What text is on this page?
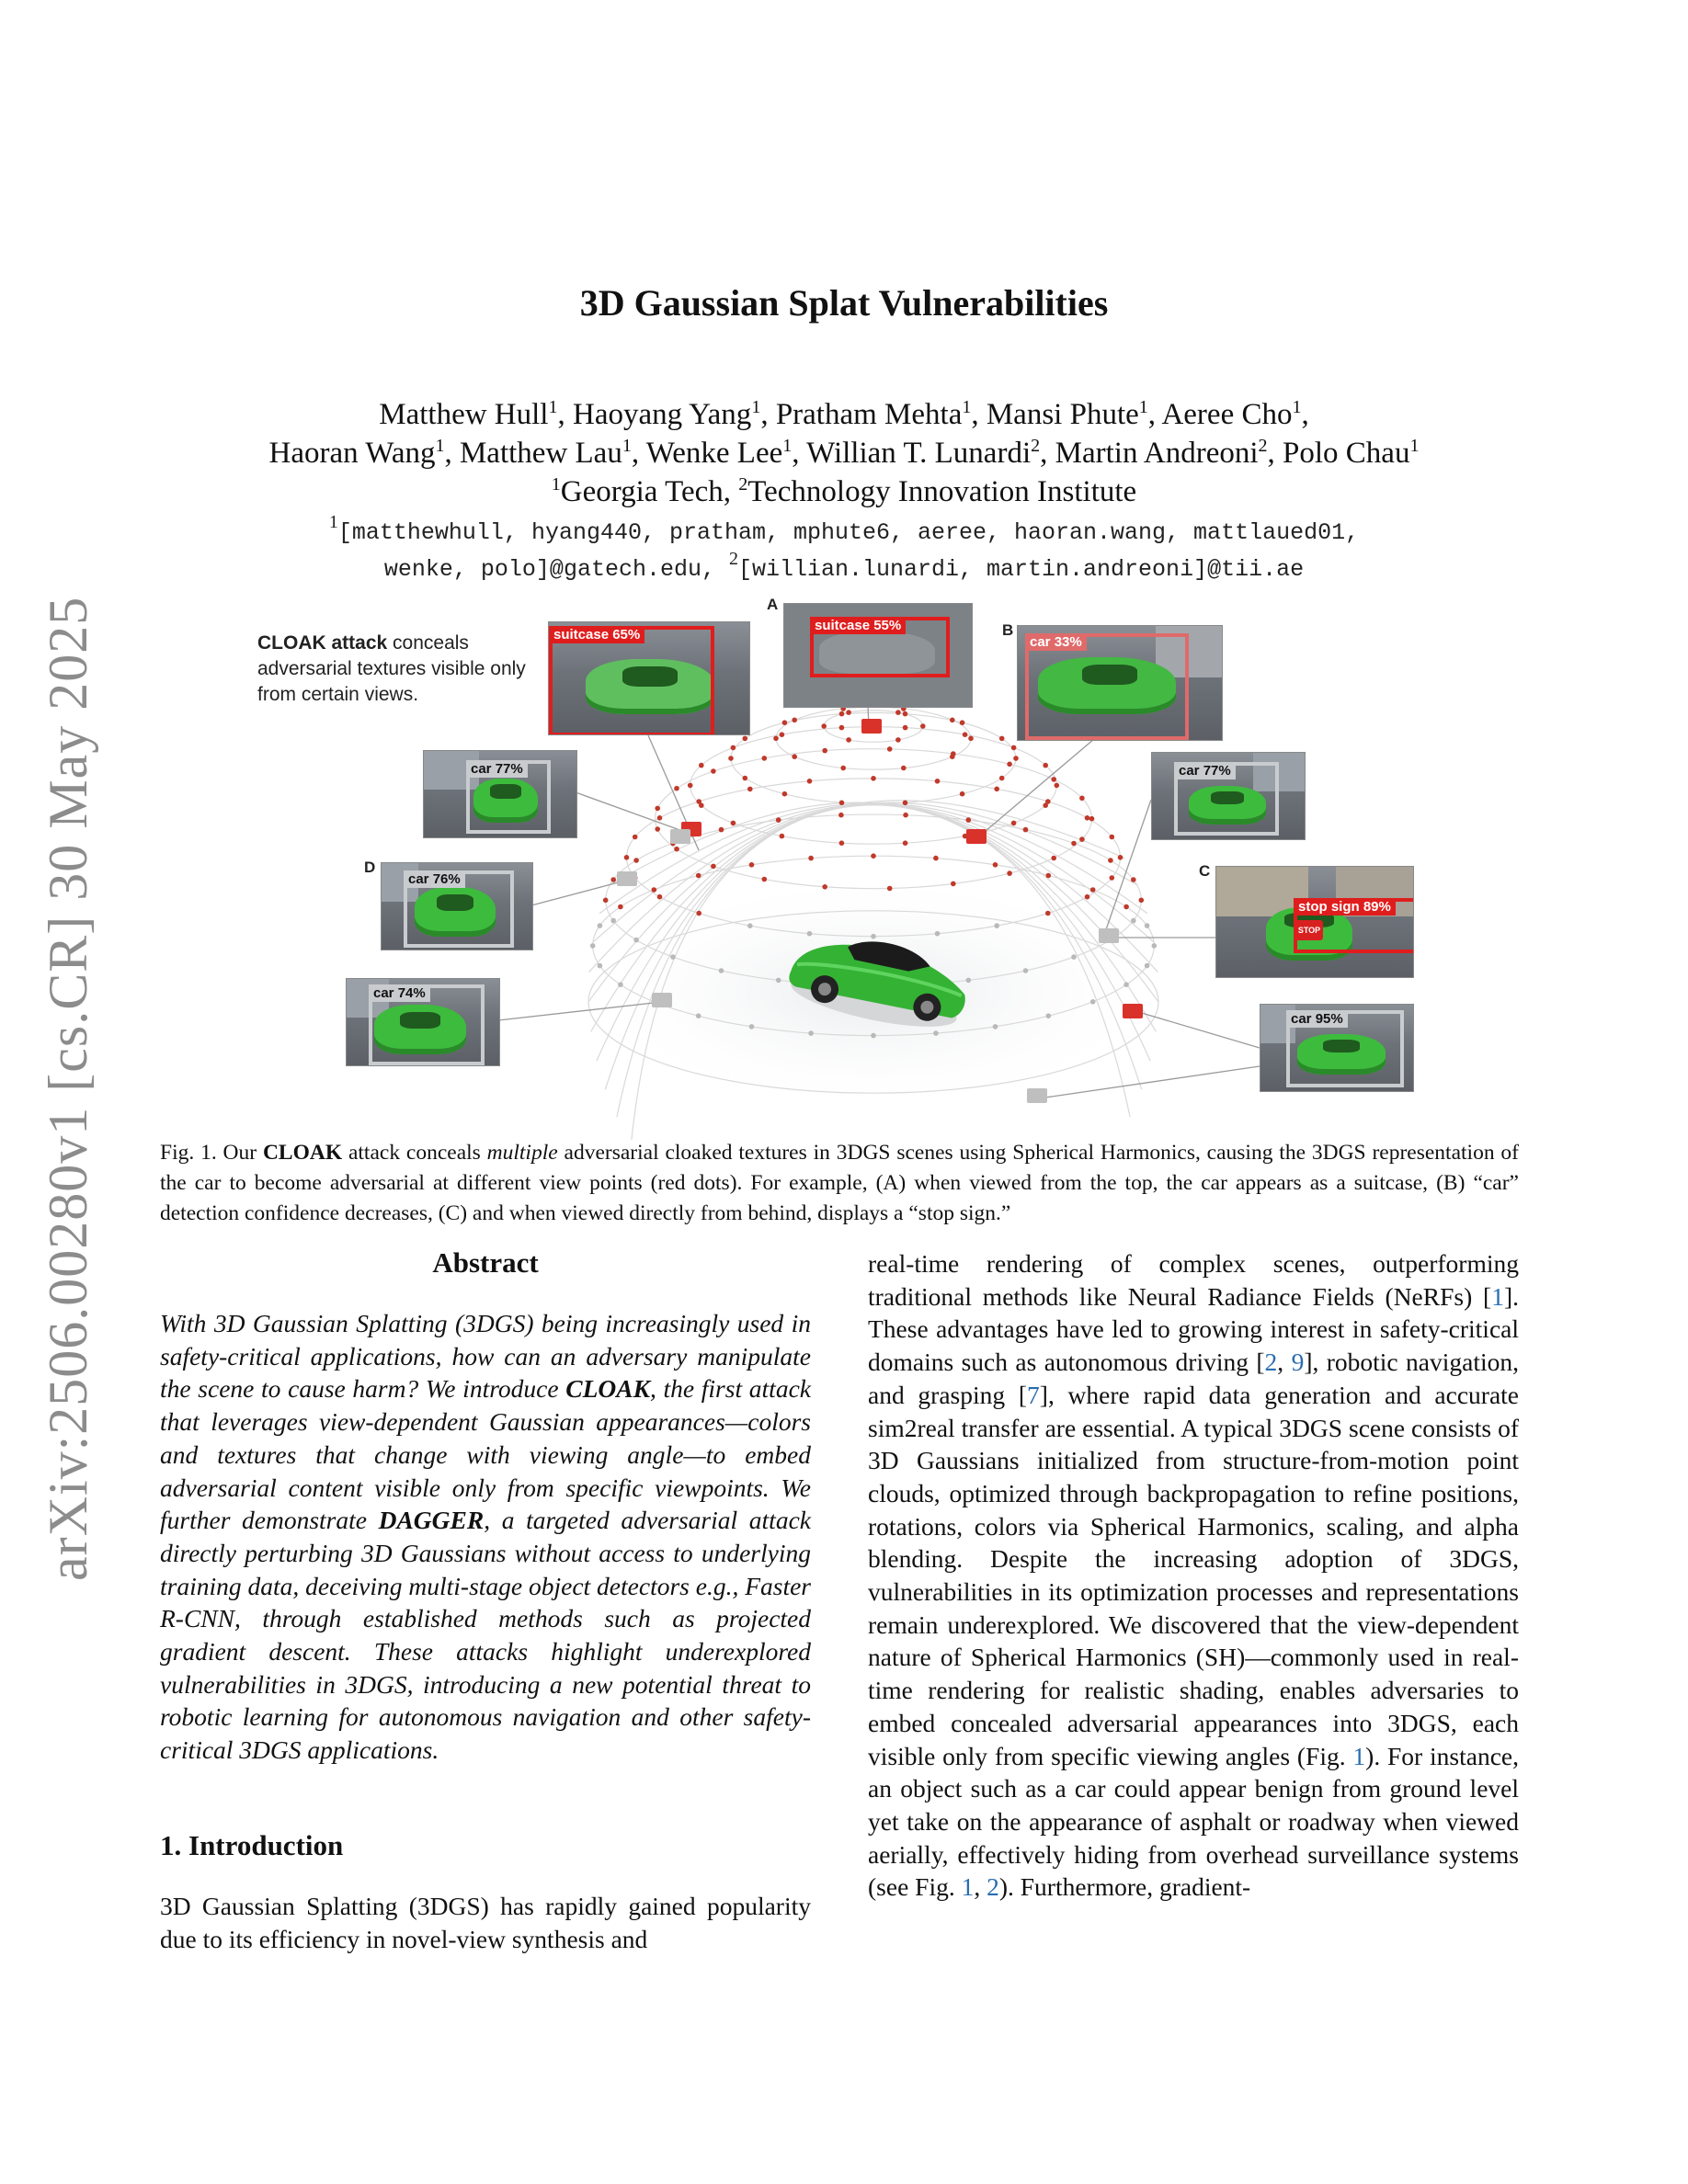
arXiv:2506.00280v1 [cs.CR] 30 May 2025
3D Gaussian Splat Vulnerabilities
Matthew Hull$^1$, Haoyang Yang$^1$, Pratham Mehta$^1$, Mansi Phute$^1$, Aeree Cho$^1$,
Haoran Wang$^1$, Matthew Lau$^1$, Wenke Lee$^1$, Willian T. Lunardi$^2$, Martin Andreoni$^2$, Polo Chau$^1$
$^1$Georgia Tech, $^2$Technology Innovation Institute
$^1$[matthewhull, hyang440, pratham, mphute6, aeree, haoran.wang, mattlaued01,
wenke, polo]@gatech.edu, $^2$[willian.lunardi, martin.andreoni]@tii.ae
CLOAK attack conceals adversarial textures visible only from certain views.
suitcase 65%
A
suitcase 55%	B
car 33%
car 77%
D
car 76%
car 74%
car 77%
C
STOP
stop sign 89%
car 95%
Fig. 1. Our CLOAK attack conceals multiple adversarial cloaked textures in 3DGS scenes using Spherical Harmonics, causing the 3DGS representation of the car to become adversarial at different view points (red dots). For example, (A) when viewed from the top, the car appears as a suitcase, (B) “car” detection confidence decreases, (C) and when viewed directly from behind, displays a “stop sign.”
Abstract
With 3D Gaussian Splatting (3DGS) being increasingly used in safety-critical applications, how can an adversary manipulate the scene to cause harm? We introduce CLOAK, the first attack that leverages view-dependent Gaussian appearances—colors and textures that change with viewing angle—to embed adversarial content visible only from specific viewpoints. We further demonstrate DAGGER, a targeted adversarial attack directly perturbing 3D Gaussians without access to underlying training data, deceiving multi-stage object detectors e.g., Faster R-CNN, through established methods such as projected gradient descent. These attacks highlight underexplored vulnerabilities in 3DGS, introducing a new potential threat to robotic learning for autonomous navigation and other safety-critical 3DGS applications.
1. Introduction
3D Gaussian Splatting (3DGS) has rapidly gained popularity due to its efficiency in novel-view synthesis and
real-time rendering of complex scenes, outperforming traditional methods like Neural Radiance Fields (NeRFs) [1]. These advantages have led to growing interest in safety-critical domains such as autonomous driving [2, 9], robotic navigation, and grasping [7], where rapid data generation and accurate sim2real transfer are essential. A typical 3DGS scene consists of 3D Gaussians initialized from structure-from-motion point clouds, optimized through backpropagation to refine positions, rotations, colors via Spherical Harmonics, scaling, and alpha blending. Despite the increasing adoption of 3DGS, vulnerabilities in its optimization processes and representations remain underexplored. We discovered that the view-dependent nature of Spherical Harmonics (SH)—commonly used in real-time rendering for realistic shading, enables adversaries to embed concealed adversarial appearances into 3DGS, each visible only from specific viewing angles (Fig. 1). For instance, an object such as a car could appear benign from ground level yet take on the appearance of asphalt or roadway when viewed aerially, effectively hiding from overhead surveillance systems (see Fig. 1, 2). Furthermore, gradient-
